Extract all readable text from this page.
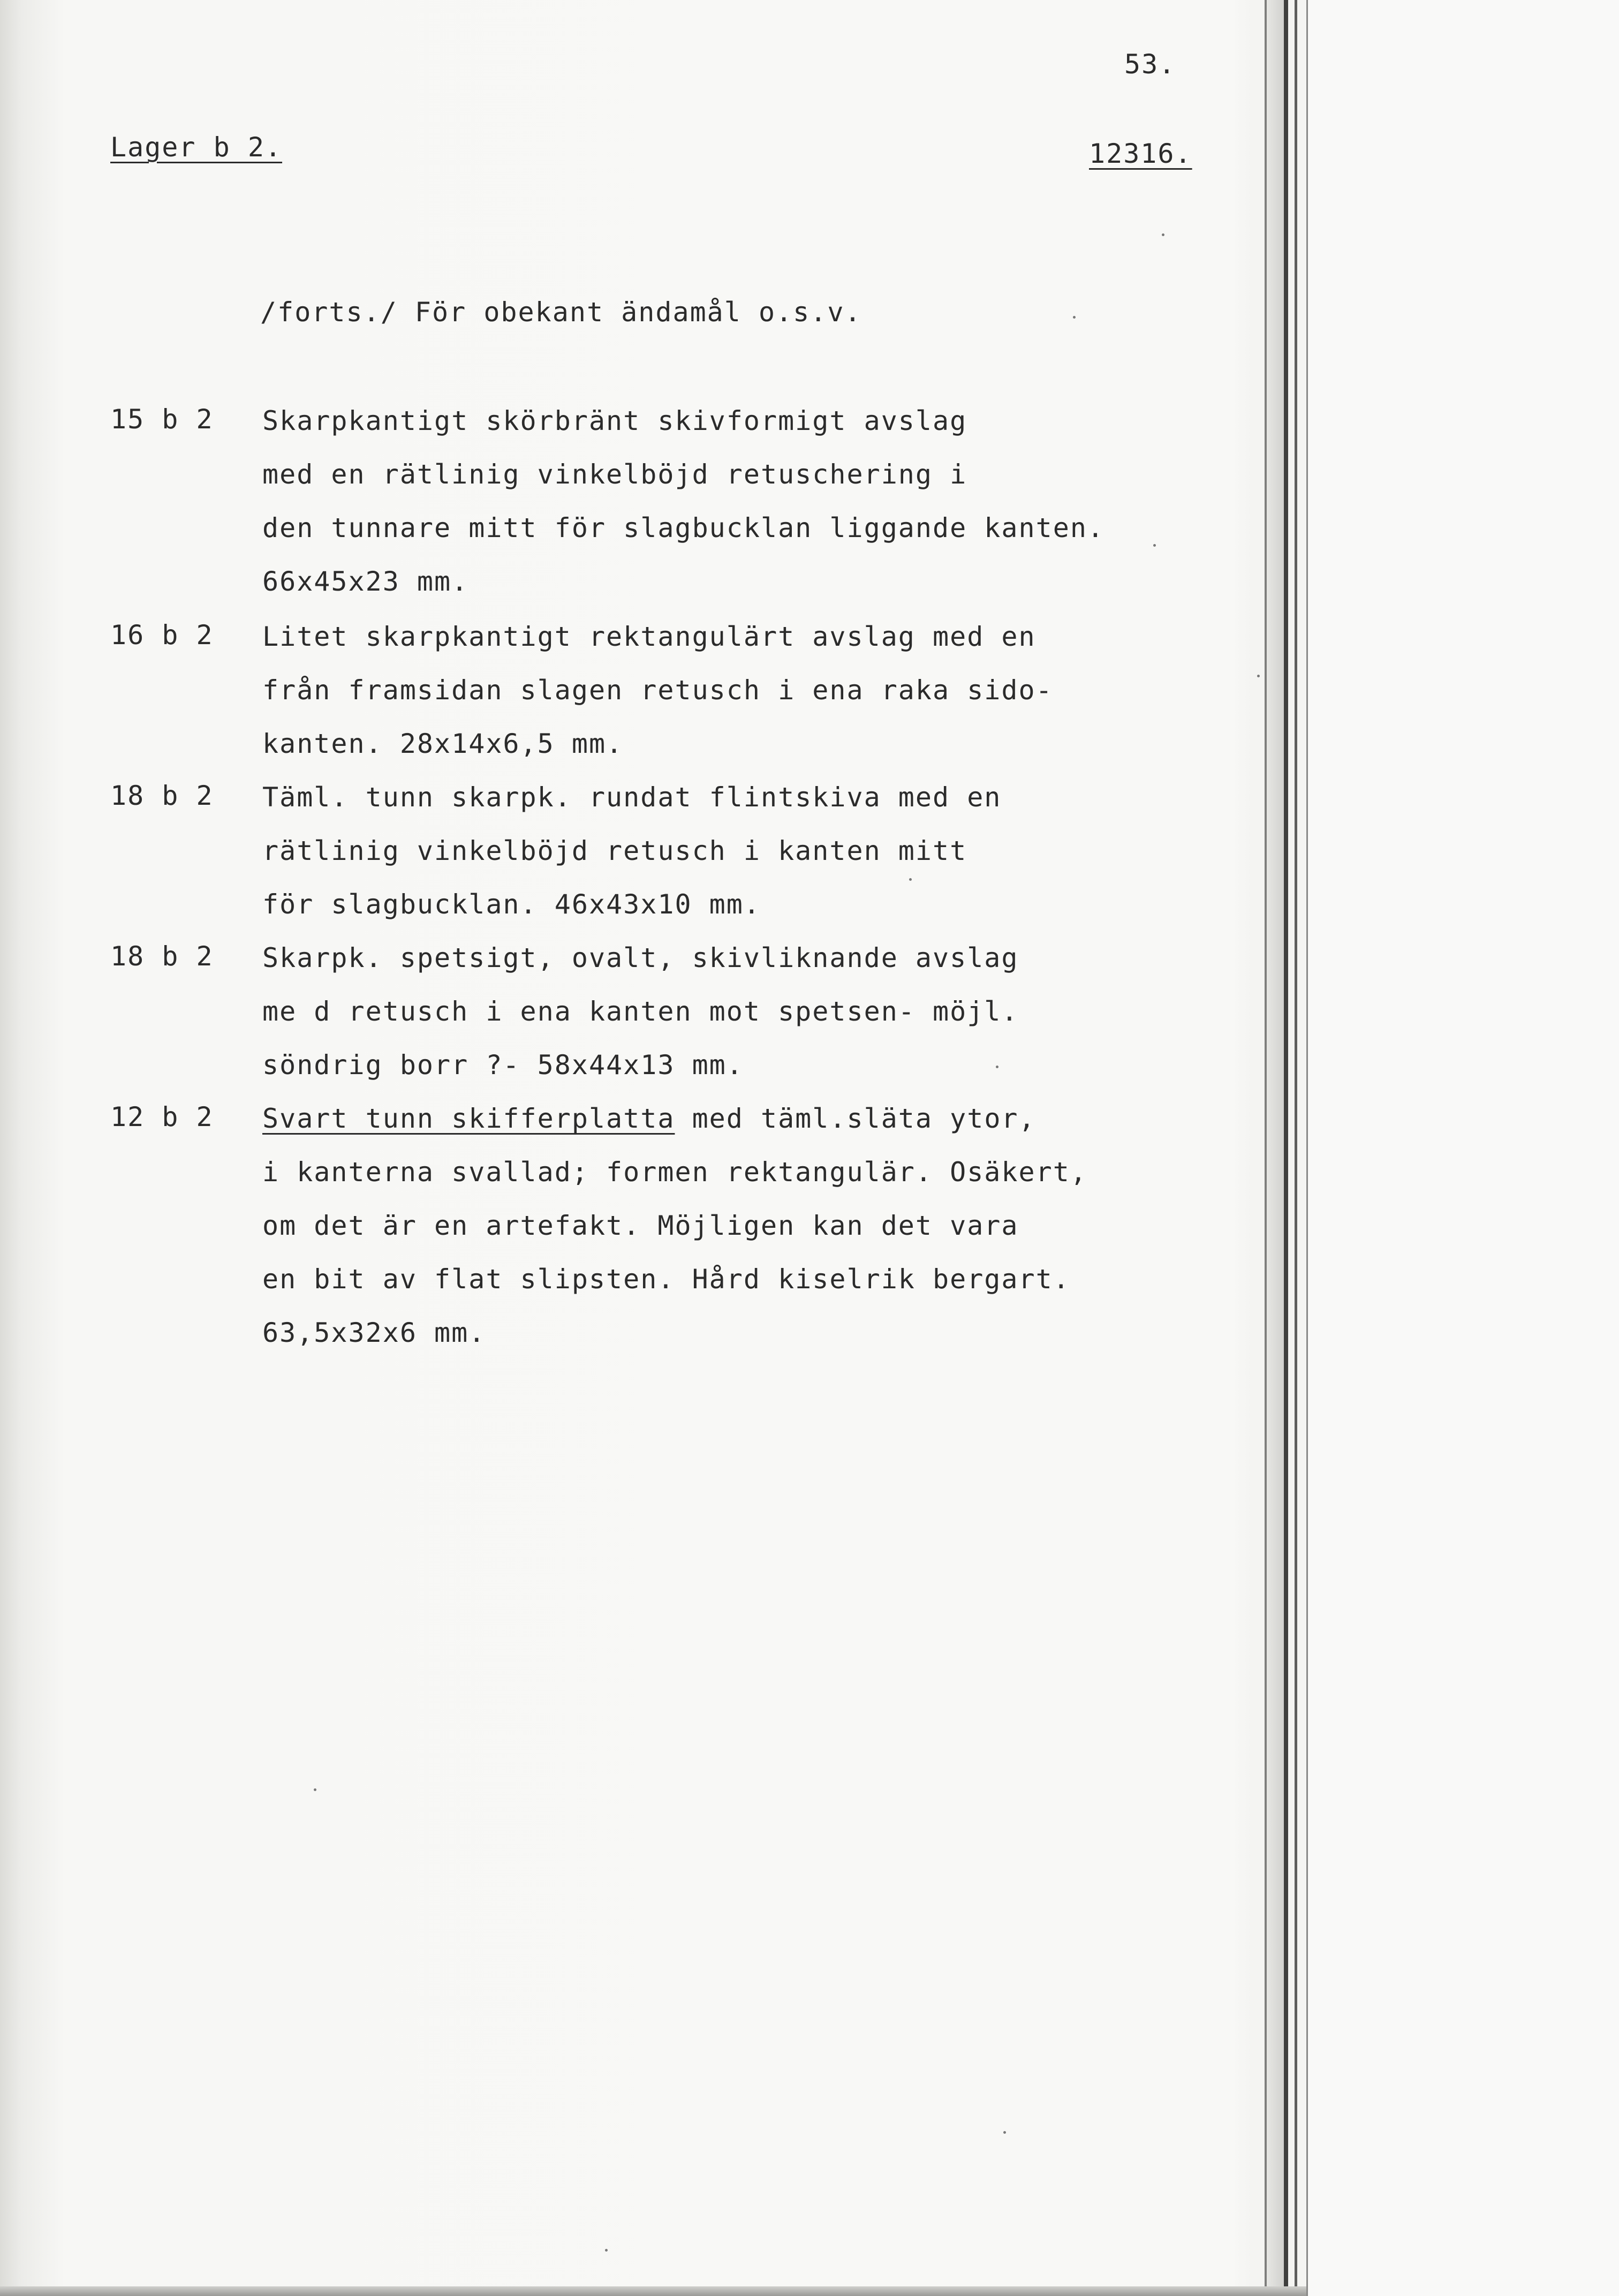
53.
12316.
Lager b 2.
/forts./ För obekant ändamål o.s.v.
15 b 2 Skarpkantigt skörbränt skivformigt avslag
med en rätlinig vinkelböjd retuschering i
den tunnare mitt för slagbucklan liggande kanten.
66x45x23 mm.
16 b 2 Litet skarpkantigt rektangulärt avslag med en
från framsidan slagen retusch i ena raka sido-
kanten. 28x14x6,5 mm.
18 b 2 Täml. tunn skarpk. rundat flintskiva med en
rätlinig vinkelböjd retusch i kanten mitt
för slagbucklan. 46x43x10 mm.
18 b 2 Skarpk. spetsigt, ovalt, skivliknande avslag
me d retusch i ena kanten mot spetsen- möjl.
söndrig borr ?- 58x44x13 mm.
12 b 2 Svart tunn skifferplatta med täml.släta ytor,
i kanterna svallad; formen rektangulär. Osäkert,
om det är en artefakt. Möjligen kan det vara
en bit av flat slipsten. Hård kiselrik bergart.
63,5x32x6 mm.
